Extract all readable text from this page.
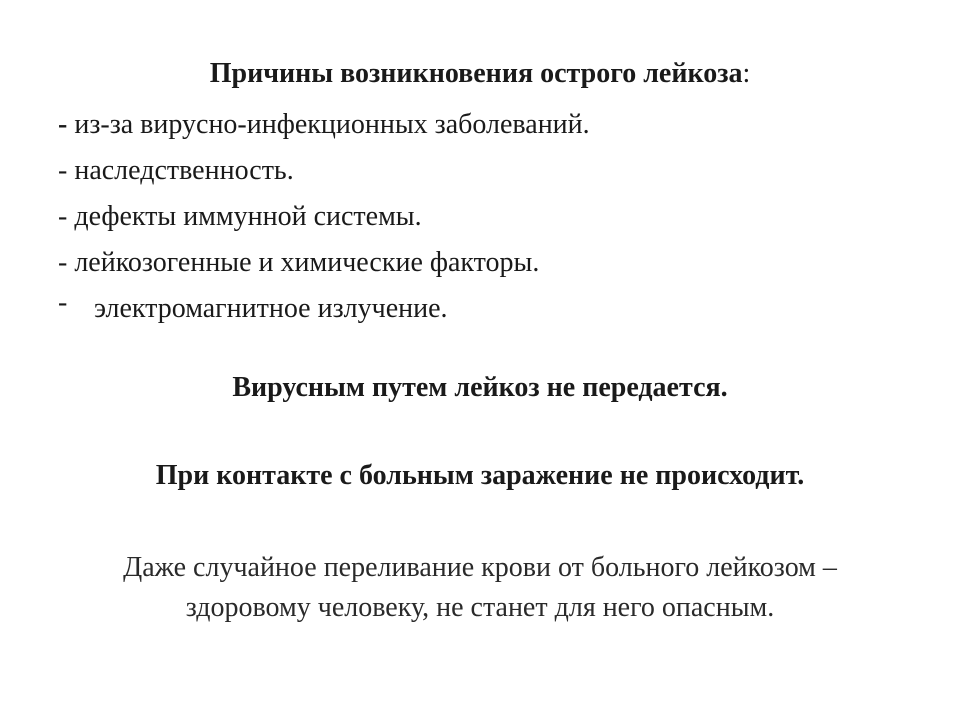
Причины возникновения острого лейкоза:
- из-за вирусно-инфекционных заболеваний.
- наследственность.
- дефекты иммунной системы.
- лейкозогенные и химические факторы.
- электромагнитное излучение.
Вирусным путем лейкоз не передается.
При контакте с больным заражение не происходит.
Даже случайное переливание крови от больного лейкозом –
здоровому человеку, не станет для него опасным.
